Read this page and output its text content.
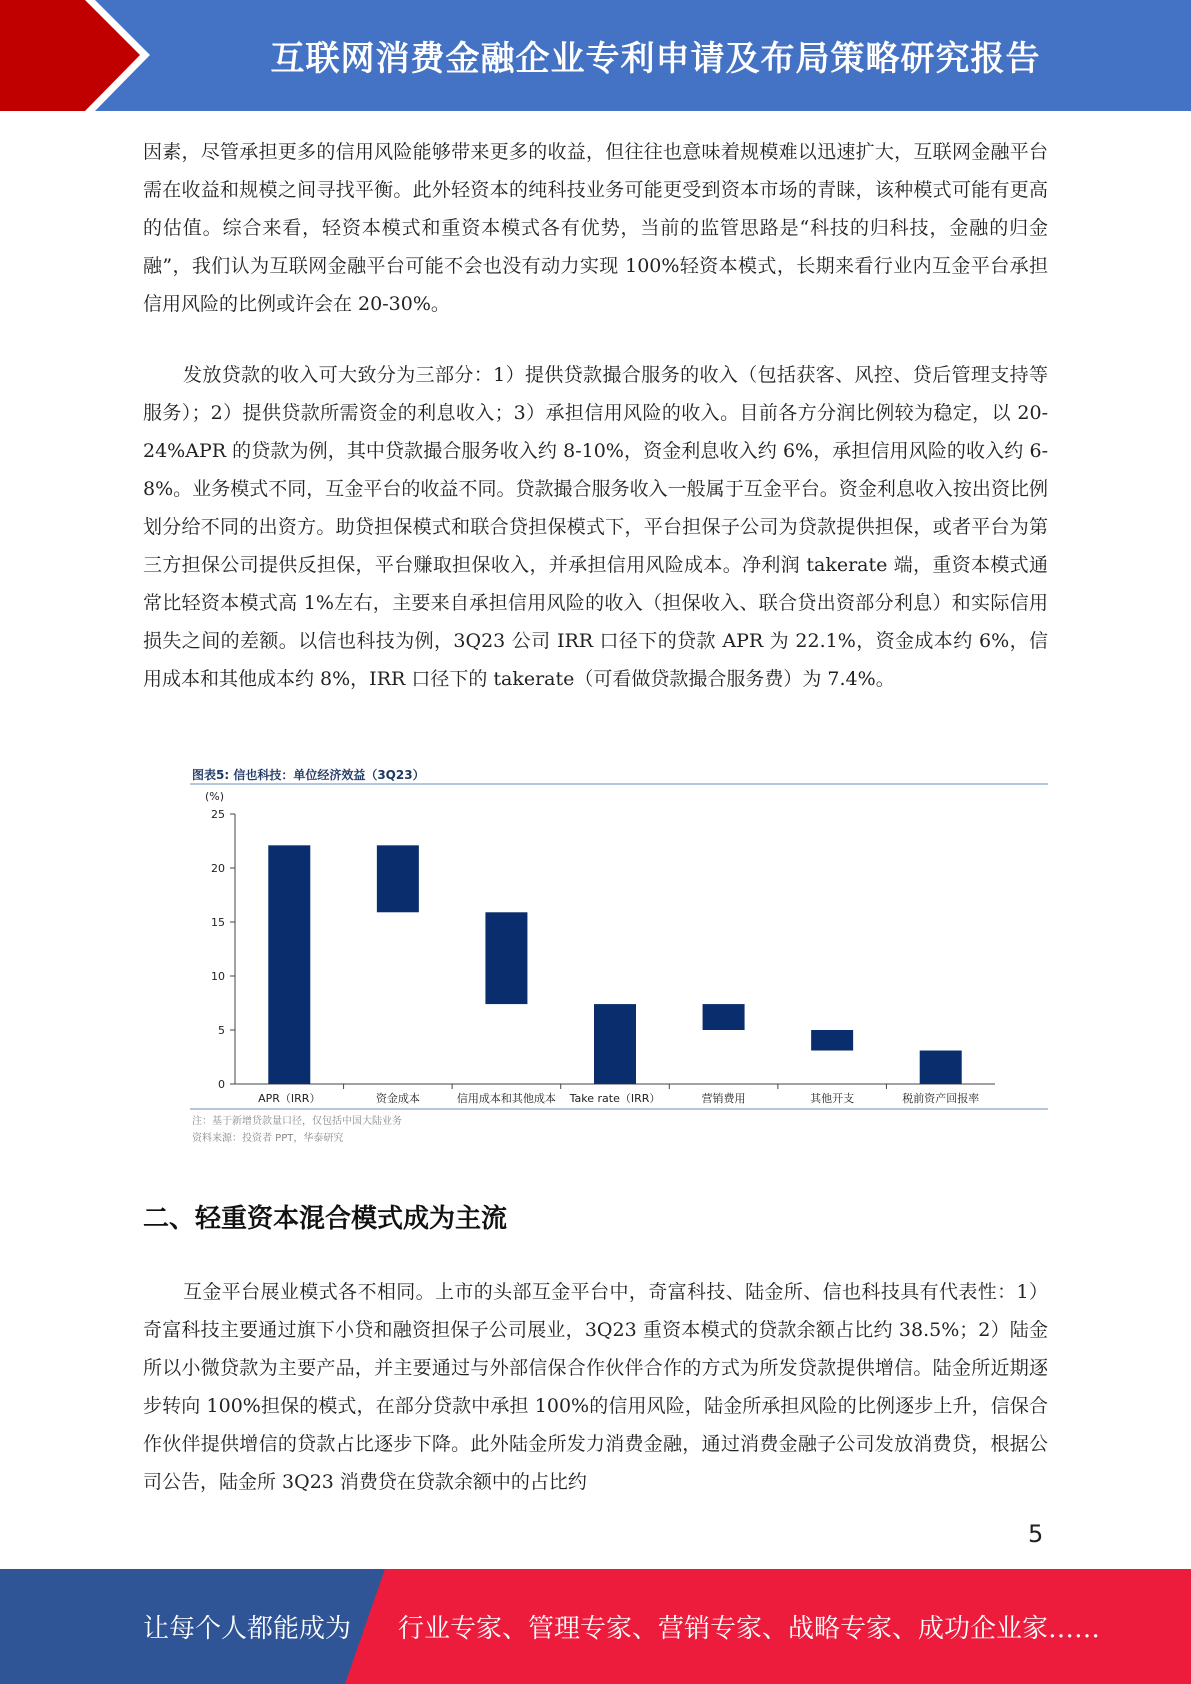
互联网消费金融企业专利申请及布局策略研究报告

因素，尽管承担更多的信用风险能够带来更多的收益，但往往也意味着规模难以迅速扩大，互联网金融平台需在收益和规模之间寻找平衡。此外轻资本的纯科技业务可能更受到资本市场的青睐，该种模式可能有更高的估值。综合来看，轻资本模式和重资本模式各有优势，当前的监管思路是“科技的归科技，金融的归金融”，我们认为互联网金融平台可能不会也没有动力实现 100%轻资本模式，长期来看行业内互金平台承担信用风险的比例或许会在 20-30%。

发放贷款的收入可大致分为三部分：1）提供贷款撮合服务的收入（包括获客、风控、贷后管理支持等服务）；2）提供贷款所需资金的利息收入；3）承担信用风险的收入。目前各方分润比例较为稳定，以 20-24%APR 的贷款为例，其中贷款撮合服务收入约 8-10%，资金利息收入约 6%，承担信用风险的收入约 6-8%。业务模式不同，互金平台的收益不同。贷款撮合服务收入一般属于互金平台。资金利息收入按出资比例划分给不同的出资方。助贷担保模式和联合贷担保模式下，平台担保子公司为贷款提供担保，或者平台为第三方担保公司提供反担保，平台赚取担保收入，并承担信用风险成本。净利润 takerate 端，重资本模式通常比轻资本模式高 1%左右，主要来自承担信用风险的收入（担保收入、联合贷出资部分利息）和实际信用损失之间的差额。以信也科技为例，3Q23 公司 IRR 口径下的贷款 APR 为 22.1%，资金成本约 6%，信用成本和其他成本约 8%，IRR 口径下的 takerate（可看做贷款撮合服务费）为 7.4%。

图表5: 信也科技：单位经济效益（3Q23）
(%)
0
5
10
15
20
25
APR（IRR）	资金成本	信用成本和其他成本 Take rate（IRR）	营销费用	其他开支	税前资产回报率
注：基于新增贷款量口径，仅包括中国大陆业务
资料来源：投资者 PPT，华泰研究
二、轻重资本混合模式成为主流

互金平台展业模式各不相同。上市的头部互金平台中，奇富科技、陆金所、信也科技具有代表性：1）奇富科技主要通过旗下小贷和融资担保子公司展业，3Q23 重资本模式的贷款余额占比约 38.5%；2）陆金所以小微贷款为主要产品，并主要通过与外部信保合作伙伴合作的方式为所发贷款提供增信。陆金所近期逐步转向 100%担保的模式，在部分贷款中承担 100%的信用风险，陆金所承担风险的比例逐步上升，信保合作伙伴提供增信的贷款占比逐步下降。此外陆金所发力消费金融，通过消费金融子公司发放消费贷，根据公司公告，陆金所 3Q23 消费贷在贷款余额中的占比约

5
让每个人都能成为 行业专家、管理专家、营销专家、战略专家、成功企业家……
